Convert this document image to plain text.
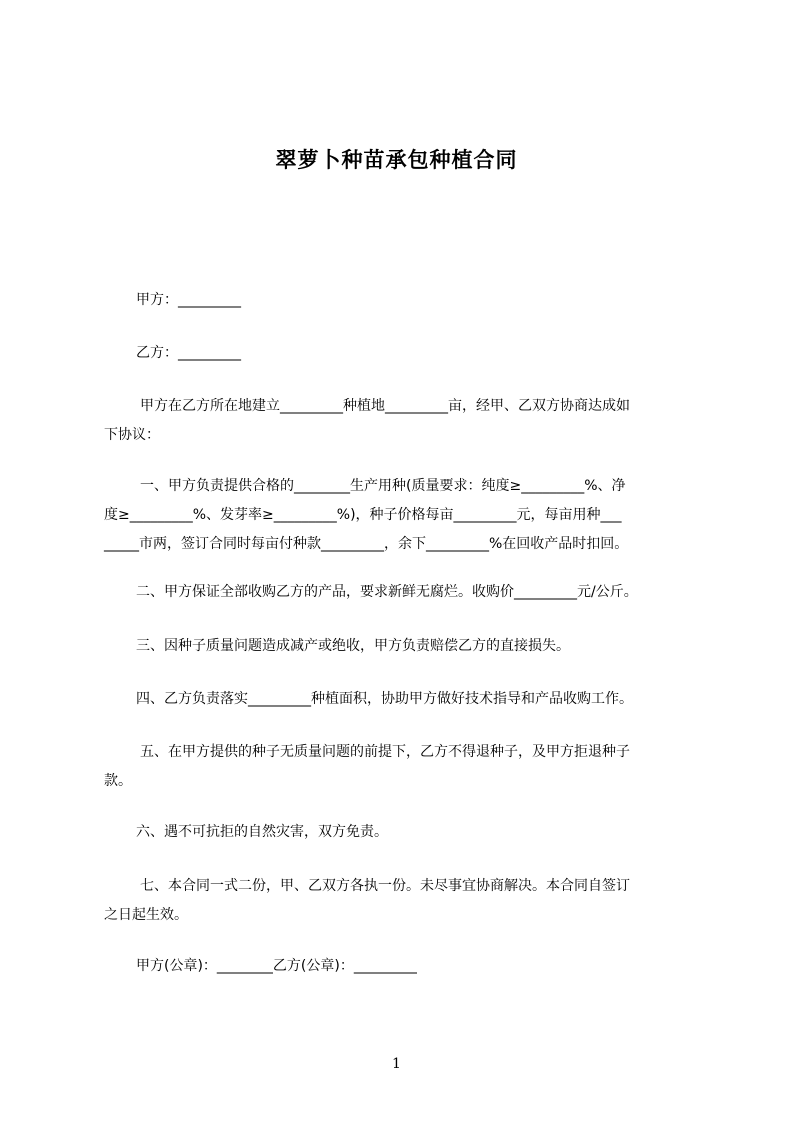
翠萝卜种苗承包种植合同
甲方：_________
乙方：_________
甲方在乙方所在地建立_________种植地_________亩，经甲、乙双方协商达成如
下协议：
一、甲方负责提供合格的________生产用种(质量要求：纯度≥_________%、净
度≥_________%、发芽率≥_________%)，种子价格每亩_________元，每亩用种___
_____市两，签订合同时每亩付种款_________，余下_________%在回收产品时扣回。
二、甲方保证全部收购乙方的产品，要求新鲜无腐烂。收购价_________元/公斤。
三、因种子质量问题造成减产或绝收，甲方负责赔偿乙方的直接损失。
四、乙方负责落实_________种植面积，协助甲方做好技术指导和产品收购工作。
五、在甲方提供的种子无质量问题的前提下，乙方不得退种子，及甲方拒退种子
款。
六、遇不可抗拒的自然灾害，双方免责。
七、本合同一式二份，甲、乙双方各执一份。未尽事宜协商解决。本合同自签订
之日起生效。
甲方(公章)：________乙方(公章)：_________
1
